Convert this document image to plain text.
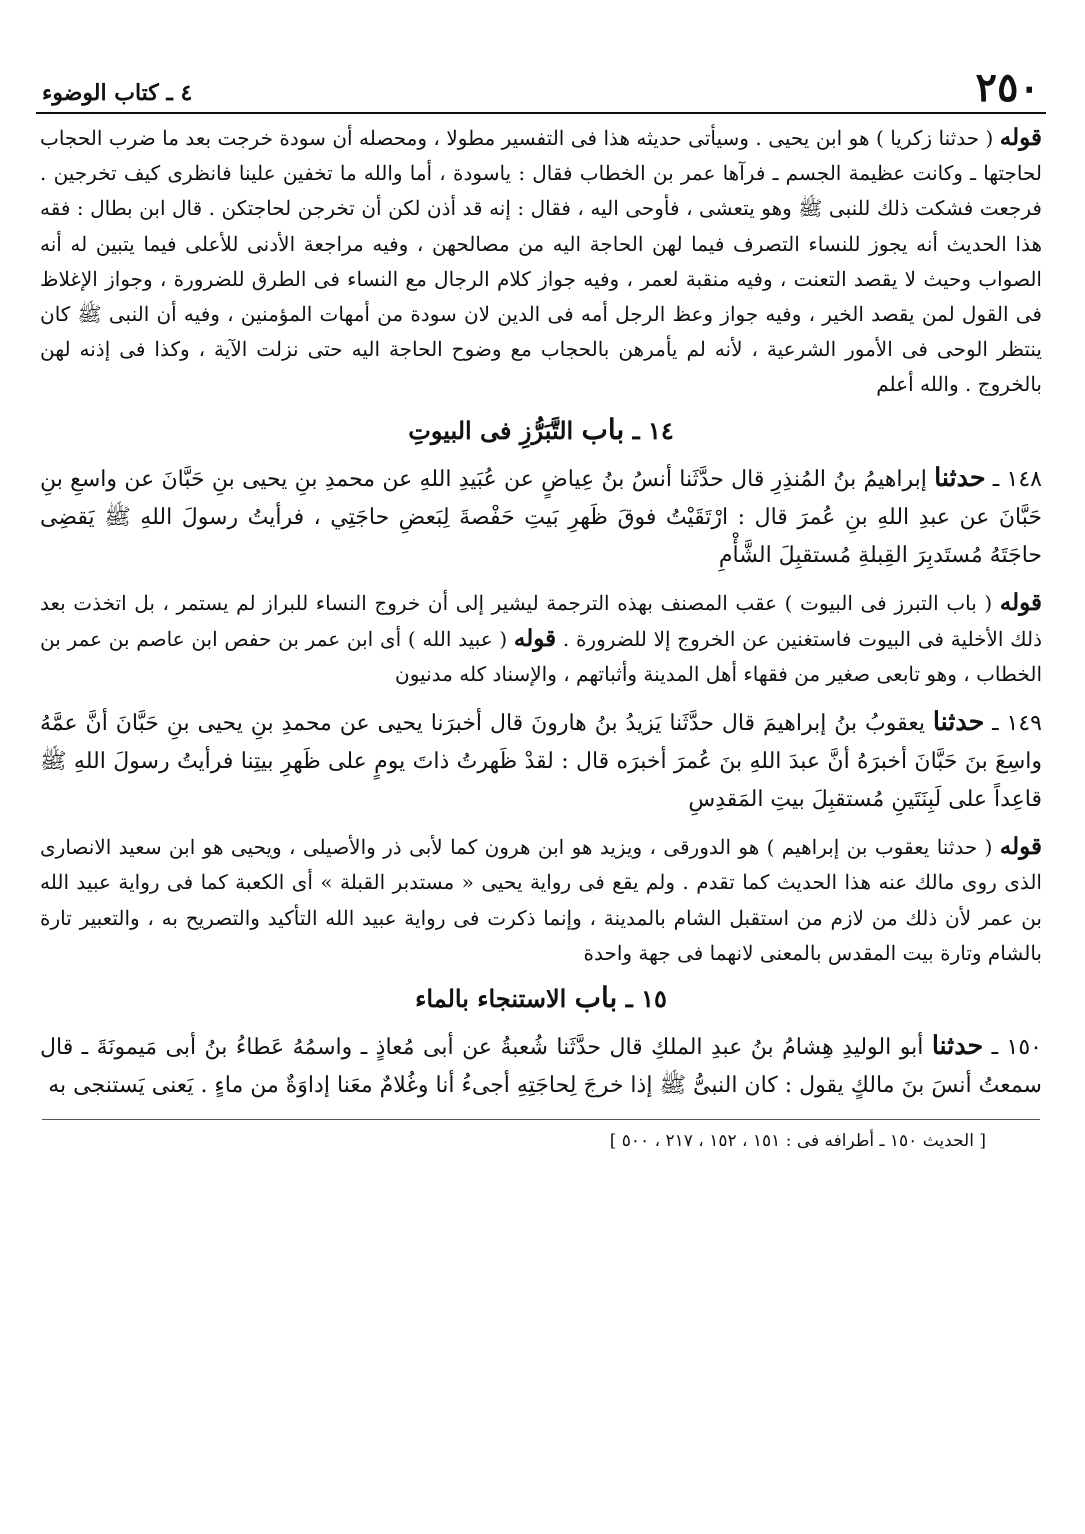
٢٥٠
٤ ـ كتاب الوضوء

قوله ( حدثنا زكريا ) هو ابن يحيى . وسيأتى حديثه هذا فى التفسير مطولا ، ومحصله أن سودة خرجت بعد ما ضرب الحجاب لحاجتها ـ وكانت عظيمة الجسم ـ فرآها عمر بن الخطاب فقال : ياسودة ، أما والله ما تخفين علينا فانظرى كيف تخرجين . فرجعت فشكت ذلك للنبى ﷺ وهو يتعشى ، فأوحى اليه ، فقال : إنه قد أذن لكن أن تخرجن لحاجتكن . قال ابن بطال : فقه هذا الحديث أنه يجوز للنساء التصرف فيما لهن الحاجة اليه من مصالحهن ، وفيه مراجعة الأدنى للأعلى فيما يتبين له أنه الصواب وحيث لا يقصد التعنت ، وفيه منقبة لعمر ، وفيه جواز كلام الرجال مع النساء فى الطرق للضرورة ، وجواز الإغلاظ فى القول لمن يقصد الخير ، وفيه جواز وعظ الرجل أمه فى الدين لان سودة من أمهات المؤمنين ، وفيه أن النبى ﷺ كان ينتظر الوحى فى الأمور الشرعية ، لأنه لم يأمرهن بالحجاب مع وضوح الحاجة اليه حتى نزلت الآية ، وكذا فى إذنه لهن بالخروج . والله أعلم

١٤ ـ باب التَّبَرُّزِ فى البيوتِ

١٤٨ ـ حدثنا إبراهيمُ بنُ المُنذِرِ قال حدَّثَنا أنسُ بنُ عِياضٍ عن عُبَيدِ اللهِ عن محمدِ بنِ يحيى بنِ حَبَّانَ عن واسعِ بنِ حَبَّانَ عن عبدِ اللهِ بنِ عُمرَ قال : ارْتَقَيْتُ فوقَ ظَهرِ بَيتِ حَفْصةَ لِبَعضِ حاجَتِي ، فرأيتُ رسولَ اللهِ ﷺ يَقضِى حاجَتَهُ مُستَدبِرَ القِبلةِ مُستقبِلَ الشَّأْمِ

قوله ( باب التبرز فى البيوت ) عقب المصنف بهذه الترجمة ليشير إلى أن خروج النساء للبراز لم يستمر ، بل اتخذت بعد ذلك الأخلية فى البيوت فاستغنين عن الخروج إلا للضرورة . قوله ( عبيد الله ) أى ابن عمر بن حفص ابن عاصم بن عمر بن الخطاب ، وهو تابعى صغير من فقهاء أهل المدينة وأثباتهم ، والإسناد كله مدنيون

١٤٩ ـ حدثنا يعقوبُ بنُ إبراهيمَ قال حدَّثَنا يَزيدُ بنُ هارونَ قال أخبرَنا يحيى عن محمدِ بنِ يحيى بنِ حَبَّانَ أنَّ عمَّهُ واسِعَ بنَ حَبَّانَ أخبرَهُ أنَّ عبدَ اللهِ بنَ عُمرَ أخبرَه قال : لقدْ ظَهرتُ ذاتَ يومٍ على ظَهرِ بيتِنا فرأيتُ رسولَ اللهِ ﷺ قاعِداً على لَبِنَتَينِ مُستقبِلَ بيتِ المَقدِسِ

قوله ( حدثنا يعقوب بن إبراهيم ) هو الدورقى ، ويزيد هو ابن هرون كما لأبى ذر والأصيلى ، ويحيى هو ابن سعيد الانصارى الذى روى مالك عنه هذا الحديث كما تقدم . ولم يقع فى رواية يحيى « مستدبر القبلة » أى الكعبة كما فى رواية عبيد الله بن عمر لأن ذلك من لازم من استقبل الشام بالمدينة ، وإنما ذكرت فى رواية عبيد الله التأكيد والتصريح به ، والتعبير تارة بالشام وتارة بيت المقدس بالمعنى لانهما فى جهة واحدة

١٥ ـ باب الاستنجاء بالماء

١٥٠ ـ حدثنا أبو الوليدِ هِشامُ بنُ عبدِ الملكِ قال حدَّثَنا شُعبةُ عن أبى مُعاذٍ ـ واسمُهُ عَطاءُ بنُ أبى مَيمونَةَ ـ قال سمعتُ أنسَ بنَ مالكٍ يقول : كان النبىُّ ﷺ إذا خرجَ لِحاجَتِهِ أجىءُ أنا وغُلامٌ معَنا إداوَةٌ من ماءٍ . يَعنى يَستنجى به

[ الحديث ١٥٠ ـ أطرافه فى : ١٥١ ، ١٥٢ ، ٢١٧ ، ٥٠٠ ]
